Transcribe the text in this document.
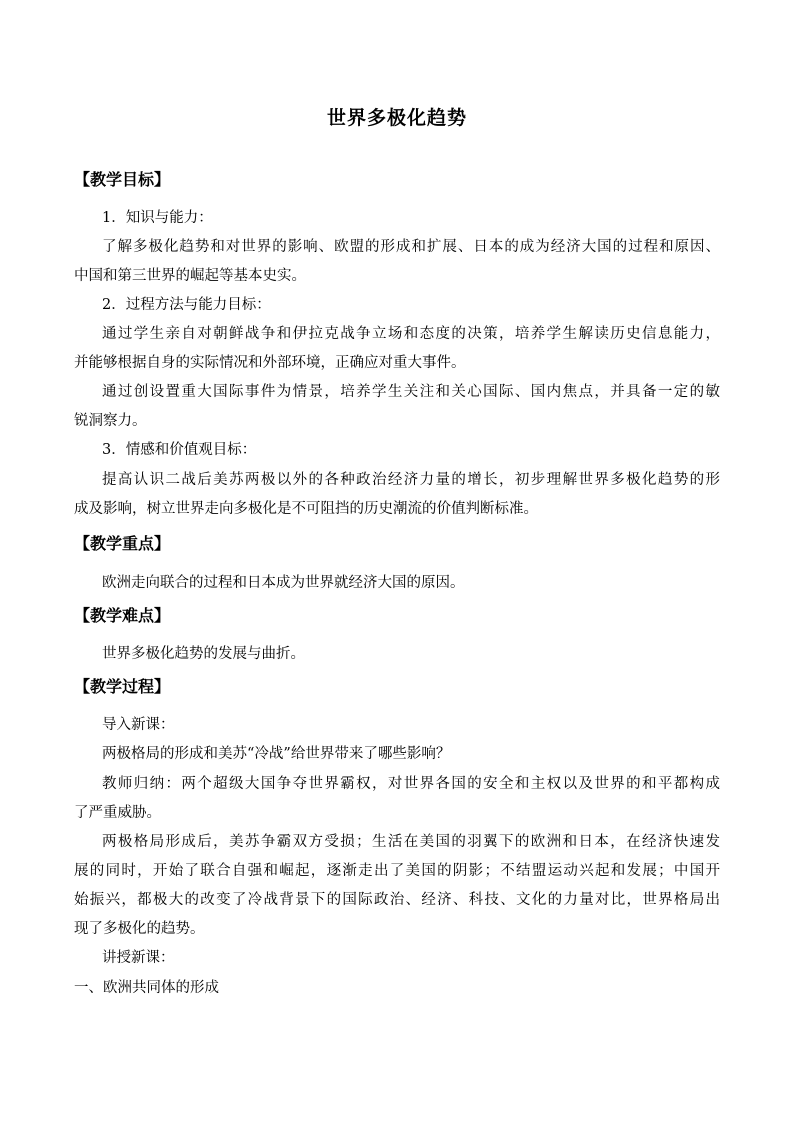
世界多极化趋势
【教学目标】
1．知识与能力：
了解多极化趋势和对世界的影响、欧盟的形成和扩展、日本的成为经济大国的过程和原因、
中国和第三世界的崛起等基本史实。
2．过程方法与能力目标：
通过学生亲自对朝鲜战争和伊拉克战争立场和态度的决策，培养学生解读历史信息能力，
并能够根据自身的实际情况和外部环境，正确应对重大事件。
通过创设置重大国际事件为情景，培养学生关注和关心国际、国内焦点，并具备一定的敏
锐洞察力。
3．情感和价值观目标：
提高认识二战后美苏两极以外的各种政治经济力量的增长，初步理解世界多极化趋势的形
成及影响，树立世界走向多极化是不可阻挡的历史潮流的价值判断标准。
【教学重点】
欧洲走向联合的过程和日本成为世界就经济大国的原因。
【教学难点】
世界多极化趋势的发展与曲折。
【教学过程】
导入新课：
两极格局的形成和美苏“冷战”给世界带来了哪些影响？
教师归纳：两个超级大国争夺世界霸权，对世界各国的安全和主权以及世界的和平都构成
了严重威胁。
两极格局形成后，美苏争霸双方受损；生活在美国的羽翼下的欧洲和日本，在经济快速发
展的同时，开始了联合自强和崛起，逐渐走出了美国的阴影；不结盟运动兴起和发展；中国开
始振兴，都极大的改变了冷战背景下的国际政治、经济、科技、文化的力量对比，世界格局出
现了多极化的趋势。
讲授新课：
一、欧洲共同体的形成
